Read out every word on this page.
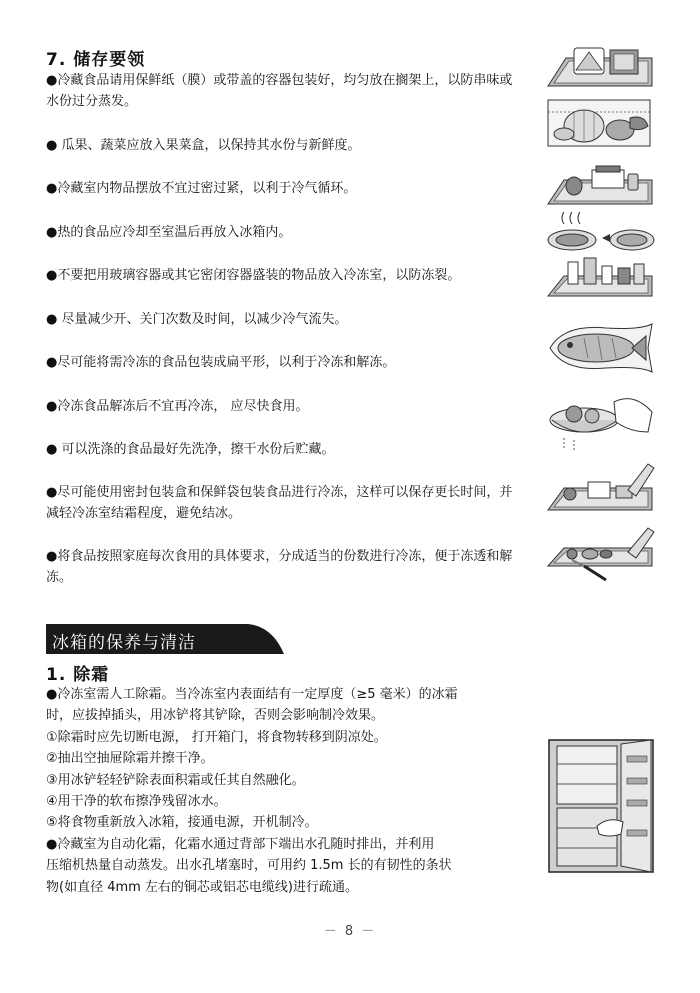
7. 储存要领
●冷藏食品请用保鲜纸（膜）或带盖的容器包装好，均匀放在搁架上，以防串味或水份过分蒸发。
● 瓜果、蔬菜应放入果菜盒，以保持其水份与新鲜度。
●冷藏室内物品摆放不宜过密过紧，以利于冷气循环。
●热的食品应冷却至室温后再放入冰箱内。
●不要把用玻璃容器或其它密闭容器盛装的物品放入冷冻室，以防冻裂。
● 尽量减少开、关门次数及时间，以减少冷气流失。
●尽可能将需冷冻的食品包装成扁平形，以利于冷冻和解冻。
●冷冻食品解冻后不宜再冷冻， 应尽快食用。
● 可以洗涤的食品最好先洗净，擦干水份后贮藏。
●尽可能使用密封包装盒和保鲜袋包装食品进行冷冻，这样可以保存更长时间，并减轻冷冻室结霜程度，避免结冰。
●将食品按照家庭每次食用的具体要求，分成适当的份数进行冷冻，便于冻透和解冻。
冰箱的保养与清洁
1. 除霜
●冷冻室需人工除霜。当冷冻室内表面结有一定厚度（≥5 毫米）的冰霜
时，应拔掉插头，用冰铲将其铲除，否则会影响制冷效果。
①除霜时应先切断电源， 打开箱门，将食物转移到阴凉处。
②抽出空抽屉除霜并擦干净。
③用冰铲轻轻铲除表面积霜或任其自然融化。
④用干净的软布擦净残留冰水。
⑤将食物重新放入冰箱，接通电源，开机制冷。
●冷藏室为自动化霜，化霜水通过背部下端出水孔随时排出，并利用
压缩机热量自动蒸发。出水孔堵塞时，可用约 1.5m 长的有韧性的条状
物(如直径 4mm 左右的铜芯或铝芯电缆线)进行疏通。
－ 8 －
